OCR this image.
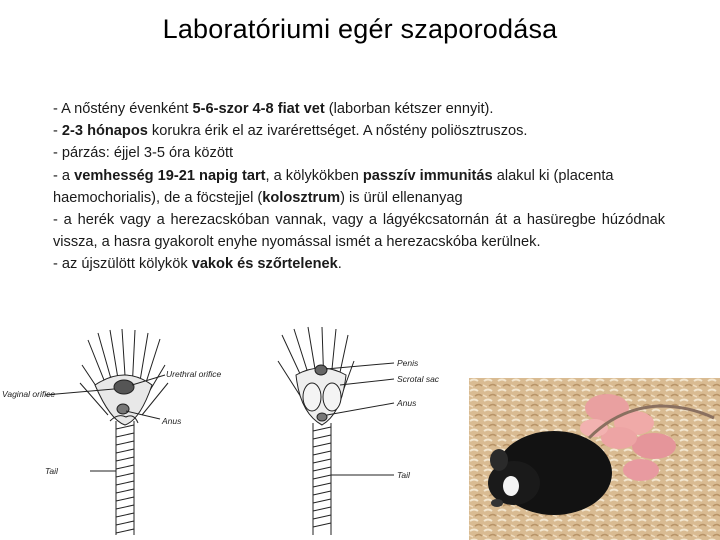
Laboratóriumi egér szaporodása

- A nőstény évenként 5-6-szor 4-8 fiat vet (laborban kétszer ennyit).

- 2-3 hónapos korukra érik el az ivarérettséget. A nőstény poliösztruszos.

- párzás: éjjel 3-5 óra között

- a vemhesség 19-21 napig tart, a kölykökben passzív immunitás alakul ki (placenta haemochorialis), de a föcstejjel (kolosztrum) is ürül ellenanyag

- a herék vagy a herezacskóban vannak, vagy a lágyékcsatornán át a hasüregbe húzódnak vissza, a hasra gyakorolt enyhe nyomással ismét a herezacskóba kerülnek.

- az újszülött kölykök vakok és szőrtelenek.

Urethral orifice
Vaginal orifice
Anus
Tail
Penis
Scrotal sac
Anus
Tail
